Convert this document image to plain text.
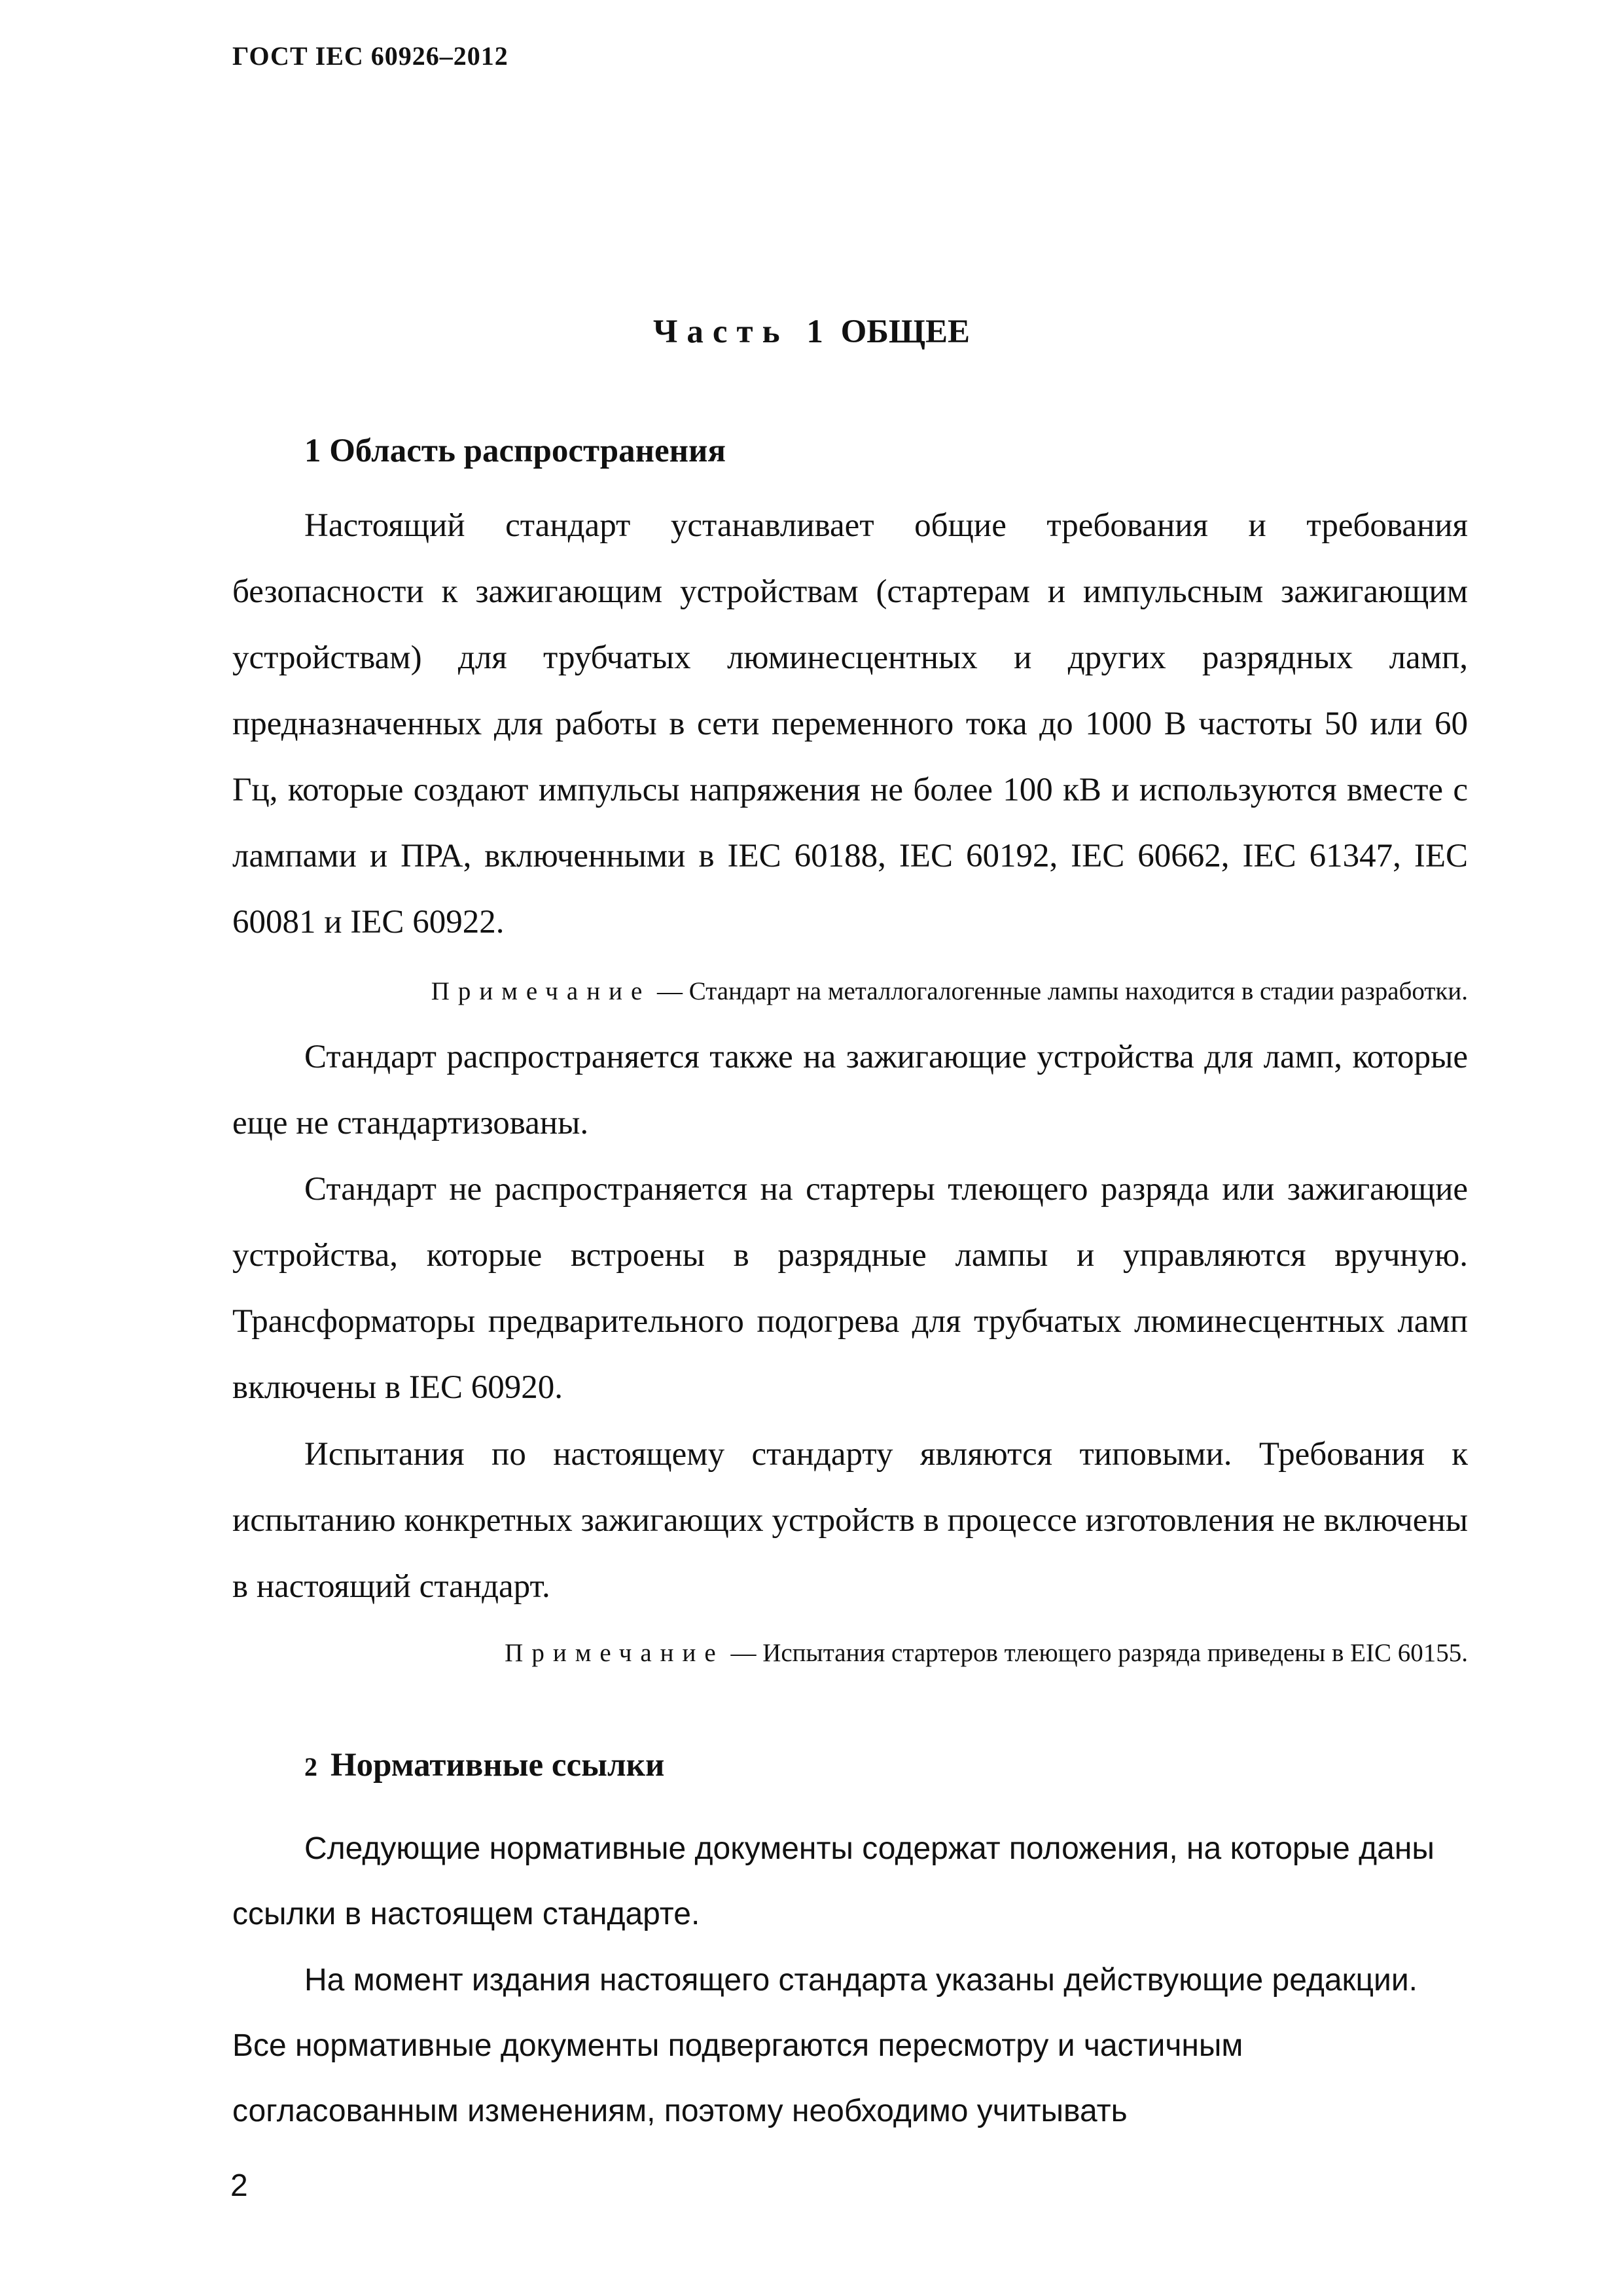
ГОСТ IEC 60926–2012
Часть 1 ОБЩЕЕ
1 Область распространения
Настоящий стандарт устанавливает общие требования и требования безопасности к зажигающим устройствам (стартерам и импульсным зажигающим устройствам) для трубчатых люминесцентных и других разрядных ламп, предназначенных для работы в сети переменного тока до 1000 В частоты 50 или 60 Гц, которые создают импульсы напряжения не более 100 кВ и используются вместе с лампами и ПРА, включенными в IEC 60188, IEC 60192, IEC 60662, IEC 61347, IEC 60081 и IEC 60922.
Примечание — Стандарт на металлогалогенные лампы находится в стадии разработки.
Стандарт распространяется также на зажигающие устройства для ламп, которые еще не стандартизованы.
Стандарт не распространяется на стартеры тлеющего разряда или зажигающие устройства, которые встроены в разрядные лампы и управляются вручную. Трансформаторы предварительного подогрева для трубчатых люминесцентных ламп включены в IEC 60920.
Испытания по настоящему стандарту являются типовыми. Требования к испытанию конкретных зажигающих устройств в процессе изготовления не включены в настоящий стандарт.
Примечание — Испытания стартеров тлеющего разряда приведены в EIC 60155.
2 Нормативные ссылки
Следующие нормативные документы содержат положения, на которые даны ссылки в настоящем стандарте.
На момент издания настоящего стандарта указаны действующие редакции. Все нормативные документы подвергаются пересмотру и частичным согласованным изменениям, поэтому необходимо учитывать
2
